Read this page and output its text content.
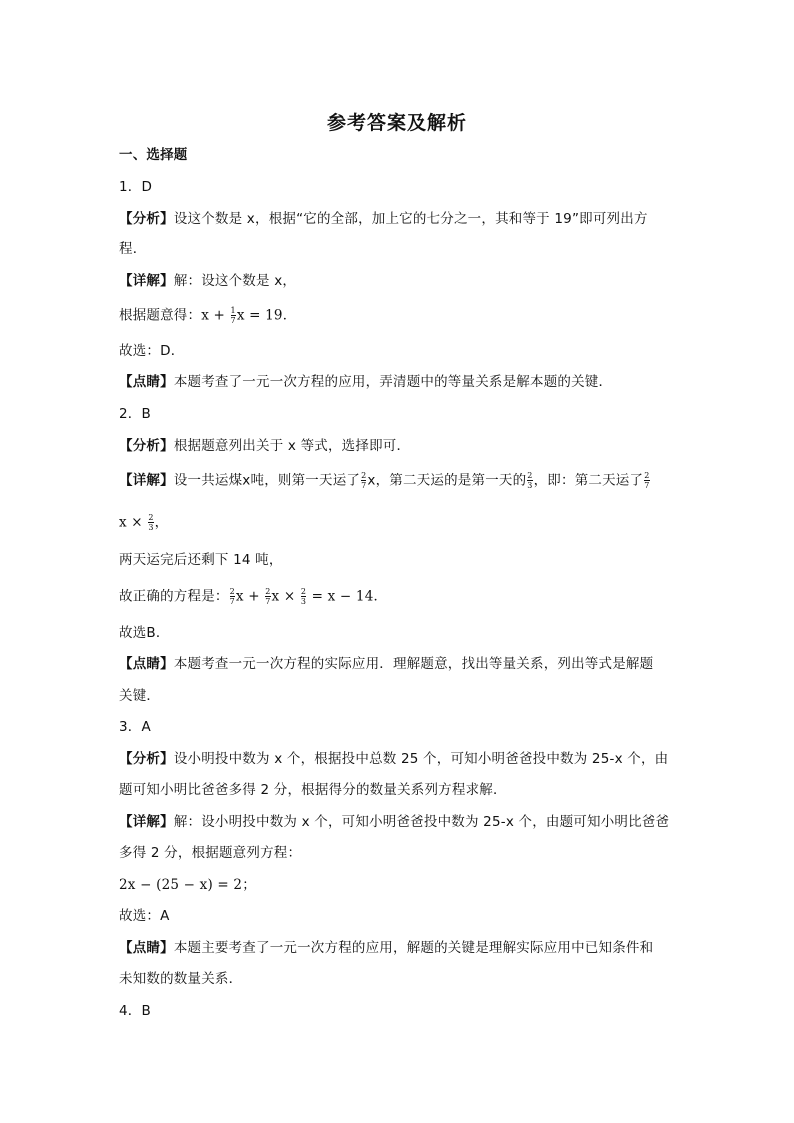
参考答案及解析
一、选择题
1．D
【分析】设这个数是 x，根据“它的全部，加上它的七分之一，其和等于 19”即可列出方
程．
【详解】解：设这个数是 x，
根据题意得：$x + \frac{1}{7}$ x = 19．
故选：D．
【点睛】本题考查了一元一次方程的应用，弄清题中的等量关系是解本题的关键．
2．B
【分析】根据题意列出关于 x 等式，选择即可．
【详解】设一共运煤x吨，则第一天运了 $\frac{2}{7}$ x，第二天运的是第一天的 $\frac{2}{3}$ ，即：第二天运了 $\frac{2}{7}$
$x \times \frac{2}{3}$ ，
两天运完后还剩下 14 吨，
故正确的方程是： $\frac{2}{7}$ $x + \frac{2}{7}$ $x \times \frac{2}{3} = x - 14$．
故选B．
【点睛】本题考查一元一次方程的实际应用．理解题意，找出等量关系，列出等式是解题
关键．
3．A
【分析】设小明投中数为 x 个，根据投中总数 25 个，可知小明爸爸投中数为 25-x 个，由
题可知小明比爸爸多得 2 分，根据得分的数量关系列方程求解．
【详解】解：设小明投中数为 x 个，可知小明爸爸投中数为 25-x 个，由题可知小明比爸爸
多得 2 分，根据题意列方程：
2x − (25 − x) = 2；
故选：A
【点睛】本题主要考查了一元一次方程的应用，解题的关键是理解实际应用中已知条件和
未知数的数量关系．
4．B
